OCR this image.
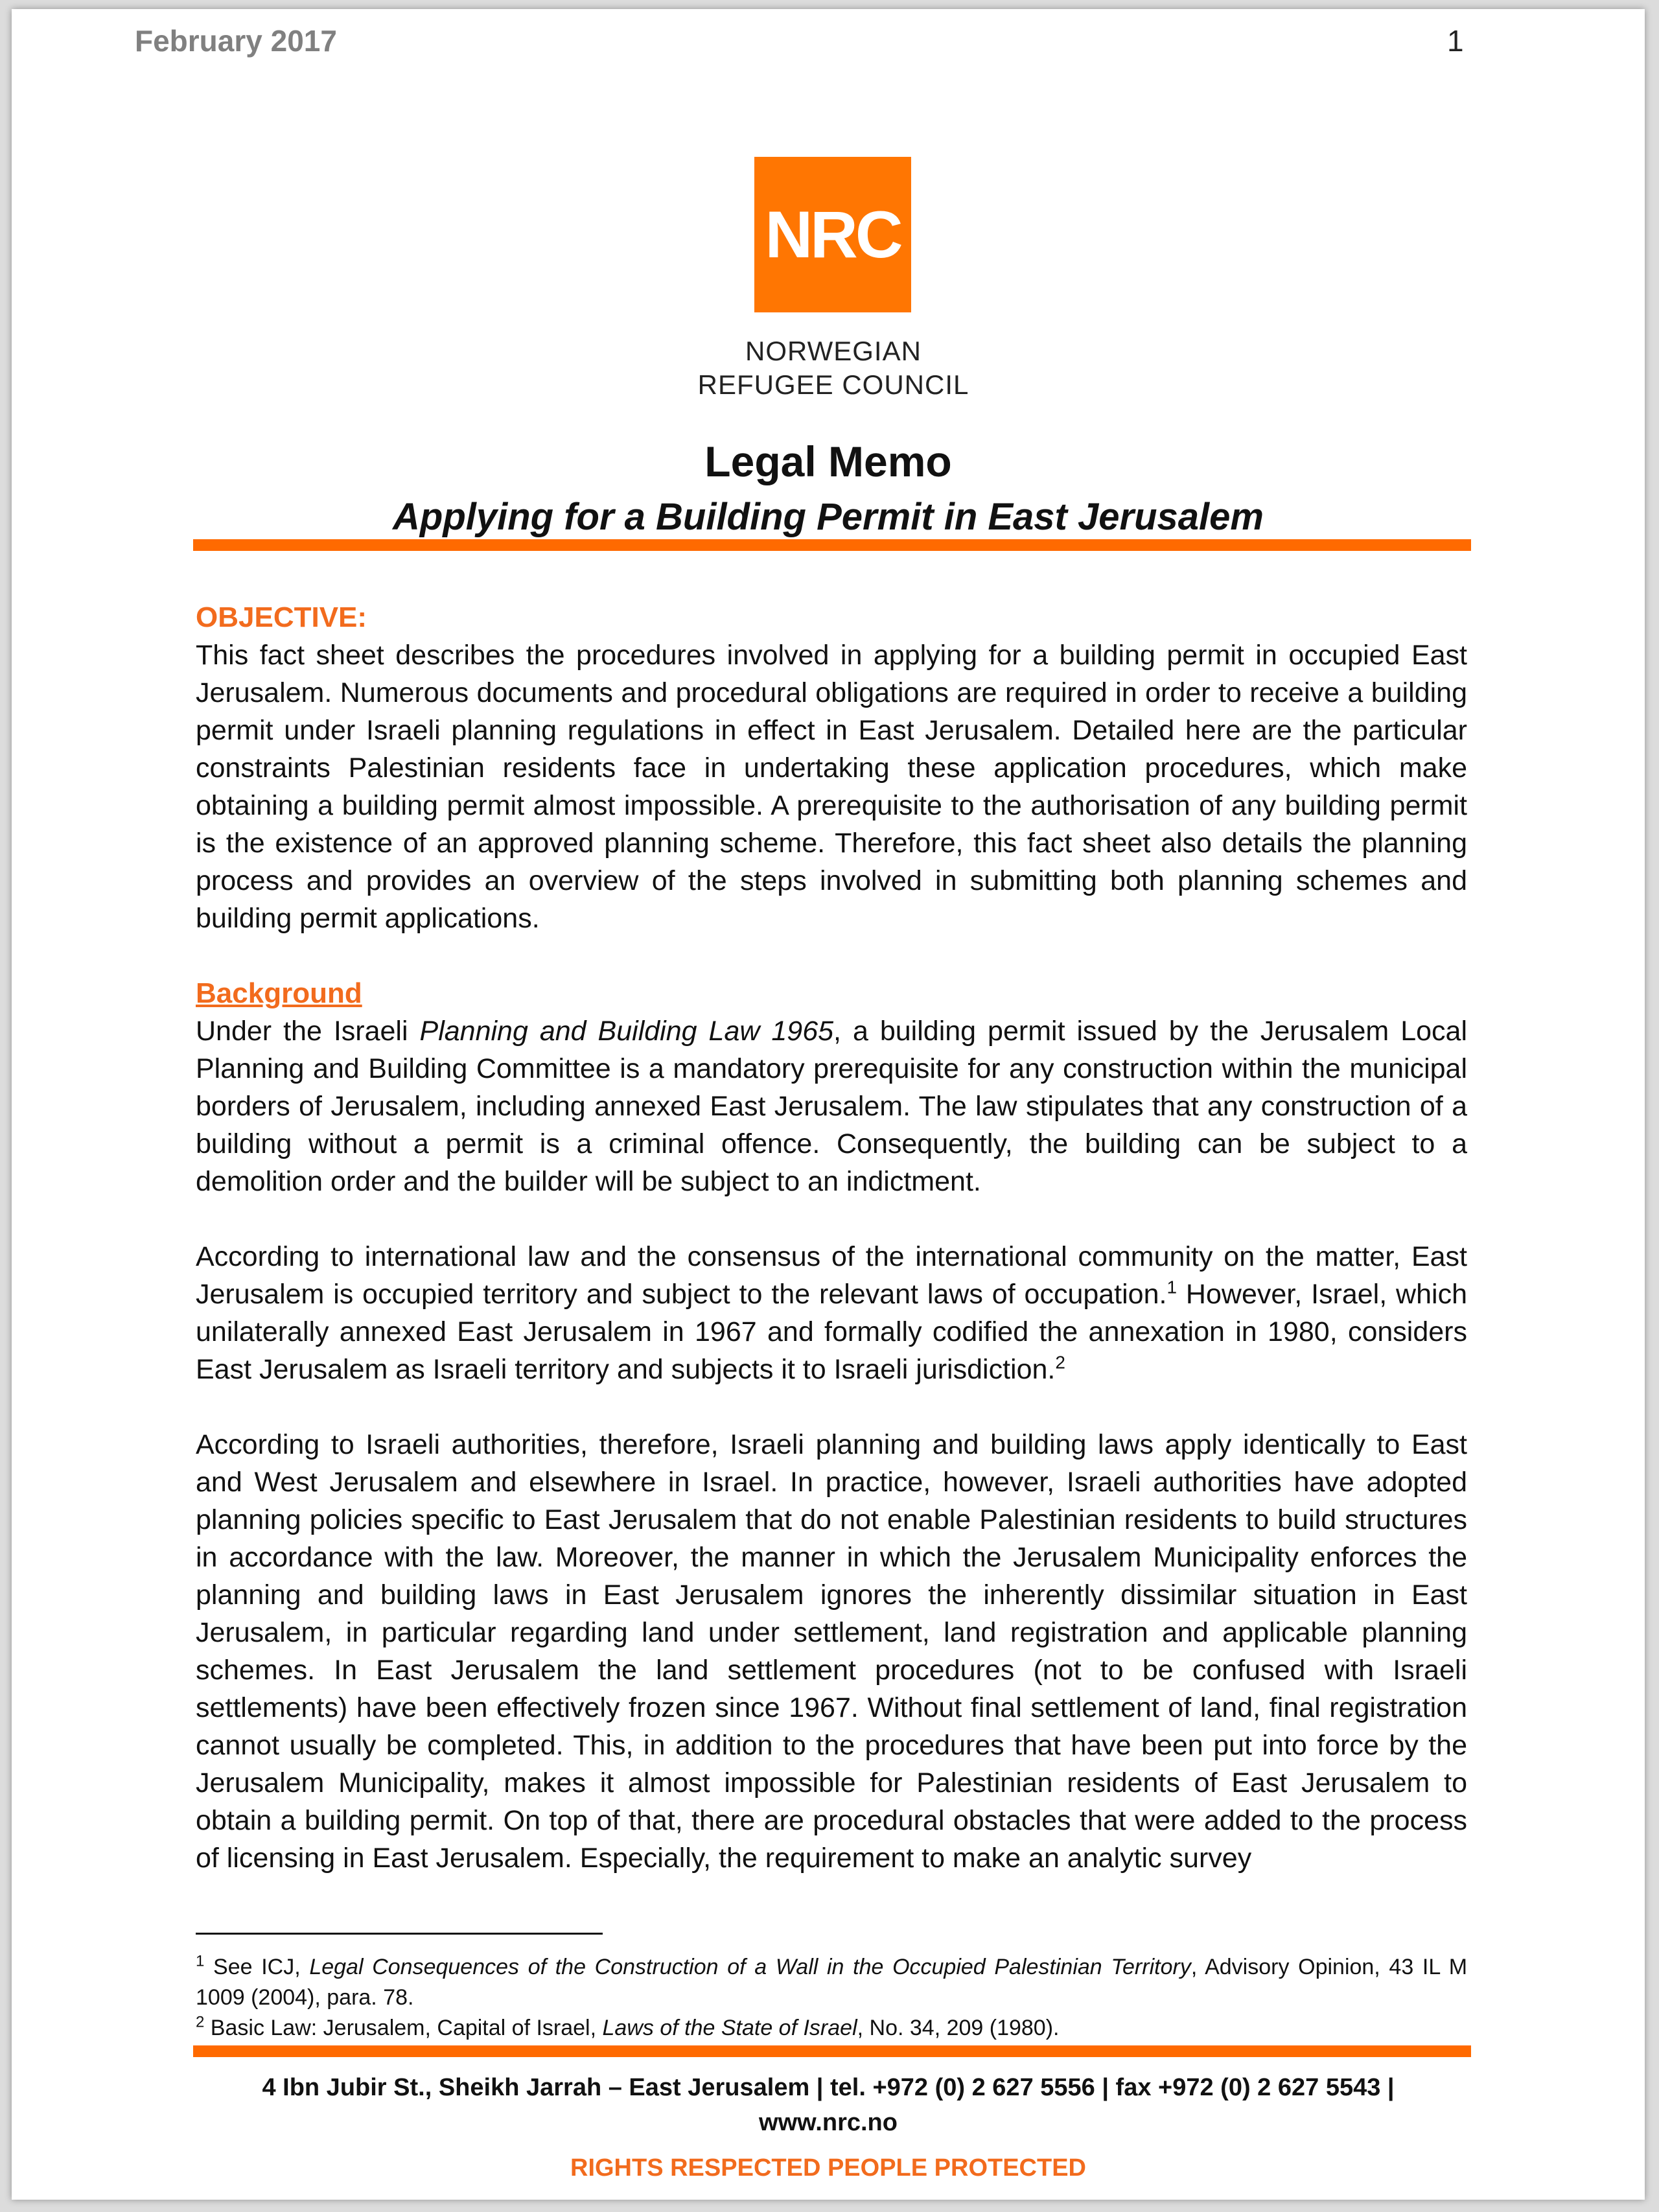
February 2017	1
NRC
NORWEGIAN
REFUGEE COUNCIL
Legal Memo
Applying for a Building Permit in East Jerusalem
OBJECTIVE:

This fact sheet describes the procedures involved in applying for a building permit in occupied East Jerusalem. Numerous documents and procedural obligations are required in order to receive a building permit under Israeli planning regulations in effect in East Jerusalem. Detailed here are the particular constraints Palestinian residents face in undertaking these application procedures, which make obtaining a building permit almost impossible. A prerequisite to the authorisation of any building permit is the existence of an approved planning scheme. Therefore, this fact sheet also details the planning process and provides an overview of the steps involved in submitting both planning schemes and building permit applications.

Background

Under the Israeli Planning and Building Law 1965, a building permit issued by the Jerusalem Local Planning and Building Committee is a mandatory prerequisite for any construction within the municipal borders of Jerusalem, including annexed East Jerusalem. The law stipulates that any construction of a building without a permit is a criminal offence. Consequently, the building can be subject to a demolition order and the builder will be subject to an indictment.

According to international law and the consensus of the international community on the matter, East Jerusalem is occupied territory and subject to the relevant laws of occupation.$^1$ However, Israel, which unilaterally annexed East Jerusalem in 1967 and formally codified the annexation in 1980, considers East Jerusalem as Israeli territory and subjects it to Israeli jurisdiction.$^2$

According to Israeli authorities, therefore, Israeli planning and building laws apply identically to East and West Jerusalem and elsewhere in Israel. In practice, however, Israeli authorities have adopted planning policies specific to East Jerusalem that do not enable Palestinian residents to build structures in accordance with the law. Moreover, the manner in which the Jerusalem Municipality enforces the planning and building laws in East Jerusalem ignores the inherently dissimilar situation in East Jerusalem, in particular regarding land under settlement, land registration and applicable planning schemes. In East Jerusalem the land settlement procedures (not to be confused with Israeli settlements) have been effectively frozen since 1967. Without final settlement of land, final registration cannot usually be completed. This, in addition to the procedures that have been put into force by the Jerusalem Municipality, makes it almost impossible for Palestinian residents of East Jerusalem to obtain a building permit. On top of that, there are procedural obstacles that were added to the process of licensing in East Jerusalem. Especially, the requirement to make an analytic survey

$^1$ See ICJ, Legal Consequences of the Construction of a Wall in the Occupied Palestinian Territory, Advisory Opinion, 43 IL M 1009 (2004), para. 78.

$^2$ Basic Law: Jerusalem, Capital of Israel, Laws of the State of Israel, No. 34, 209 (1980).

4 Ibn Jubir St., Sheikh Jarrah – East Jerusalem | tel. +972 (0) 2 627 5556 | fax +972 (0) 2 627 5543 |
www.nrc.no
RIGHTS RESPECTED PEOPLE PROTECTED
